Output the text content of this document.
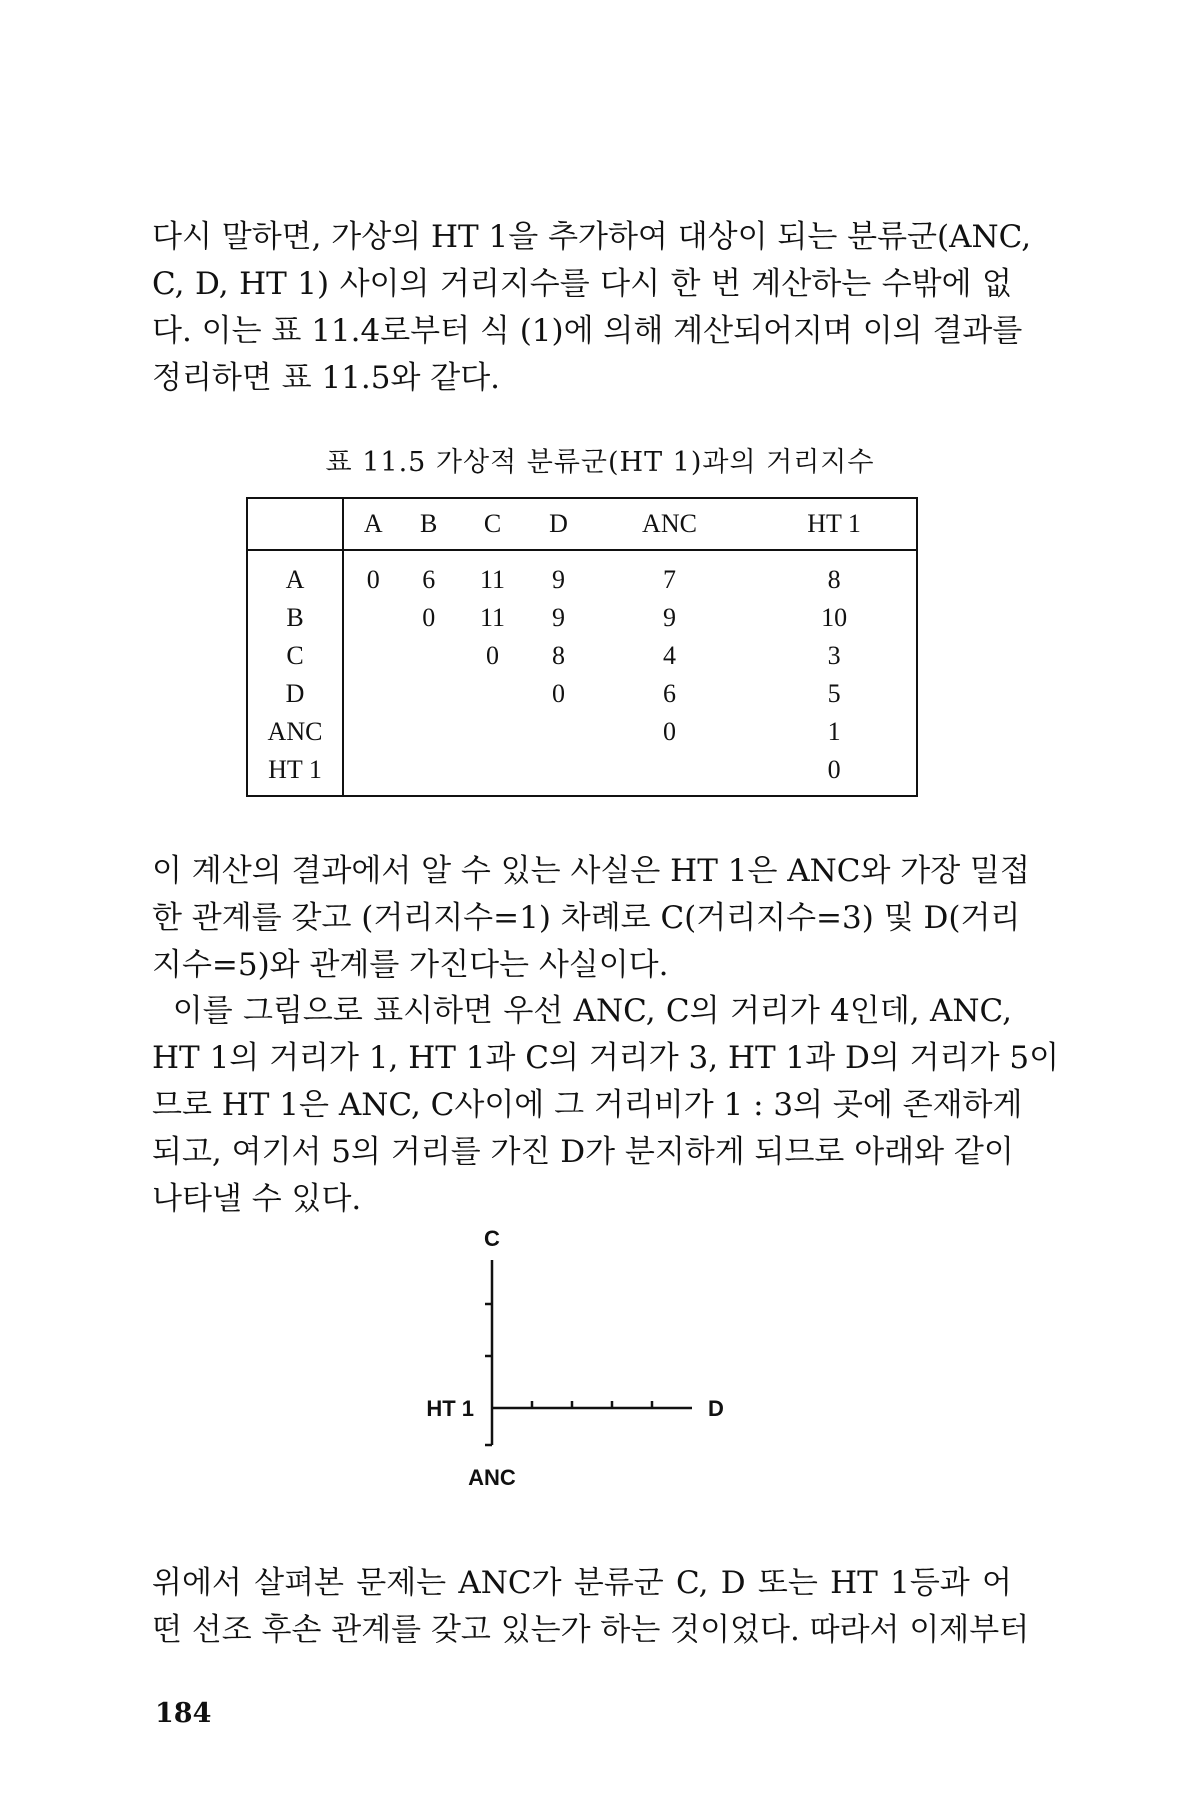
다시 말하면, 가상의 HT 1을 추가하여 대상이 되는 분류군(ANC,
C, D, HT 1) 사이의 거리지수를 다시 한 번 계산하는 수밖에 없
다. 이는 표 11.4로부터 식 (1)에 의해 계산되어지며 이의 결과를
정리하면 표 11.5와 같다.
표 11.5 가상적 분류군(HT 1)과의 거리지수
	A	B	C	D	ANC	HT 1
A	0	6	11	9	7	8
B		0	11	9	9	10
C			0	8	4	3
D				0	6	5
ANC					0	1
HT 1						0
이 계산의 결과에서 알 수 있는 사실은 HT 1은 ANC와 가장 밀접
한 관계를 갖고 (거리지수=1) 차례로 C(거리지수=3) 및 D(거리
지수=5)와 관계를 가진다는 사실이다.
이를 그림으로 표시하면 우선 ANC, C의 거리가 4인데, ANC,
HT 1의 거리가 1, HT 1과 C의 거리가 3, HT 1과 D의 거리가 5이
므로 HT 1은 ANC, C사이에 그 거리비가 1 : 3의 곳에 존재하게
되고, 여기서 5의 거리를 가진 D가 분지하게 되므로 아래와 같이
나타낼 수 있다.
C
HT 1	D
ANC
위에서 살펴본 문제는 ANC가 분류군 C, D 또는 HT 1등과 어
떤 선조 후손 관계를 갖고 있는가 하는 것이었다. 따라서 이제부터
184
